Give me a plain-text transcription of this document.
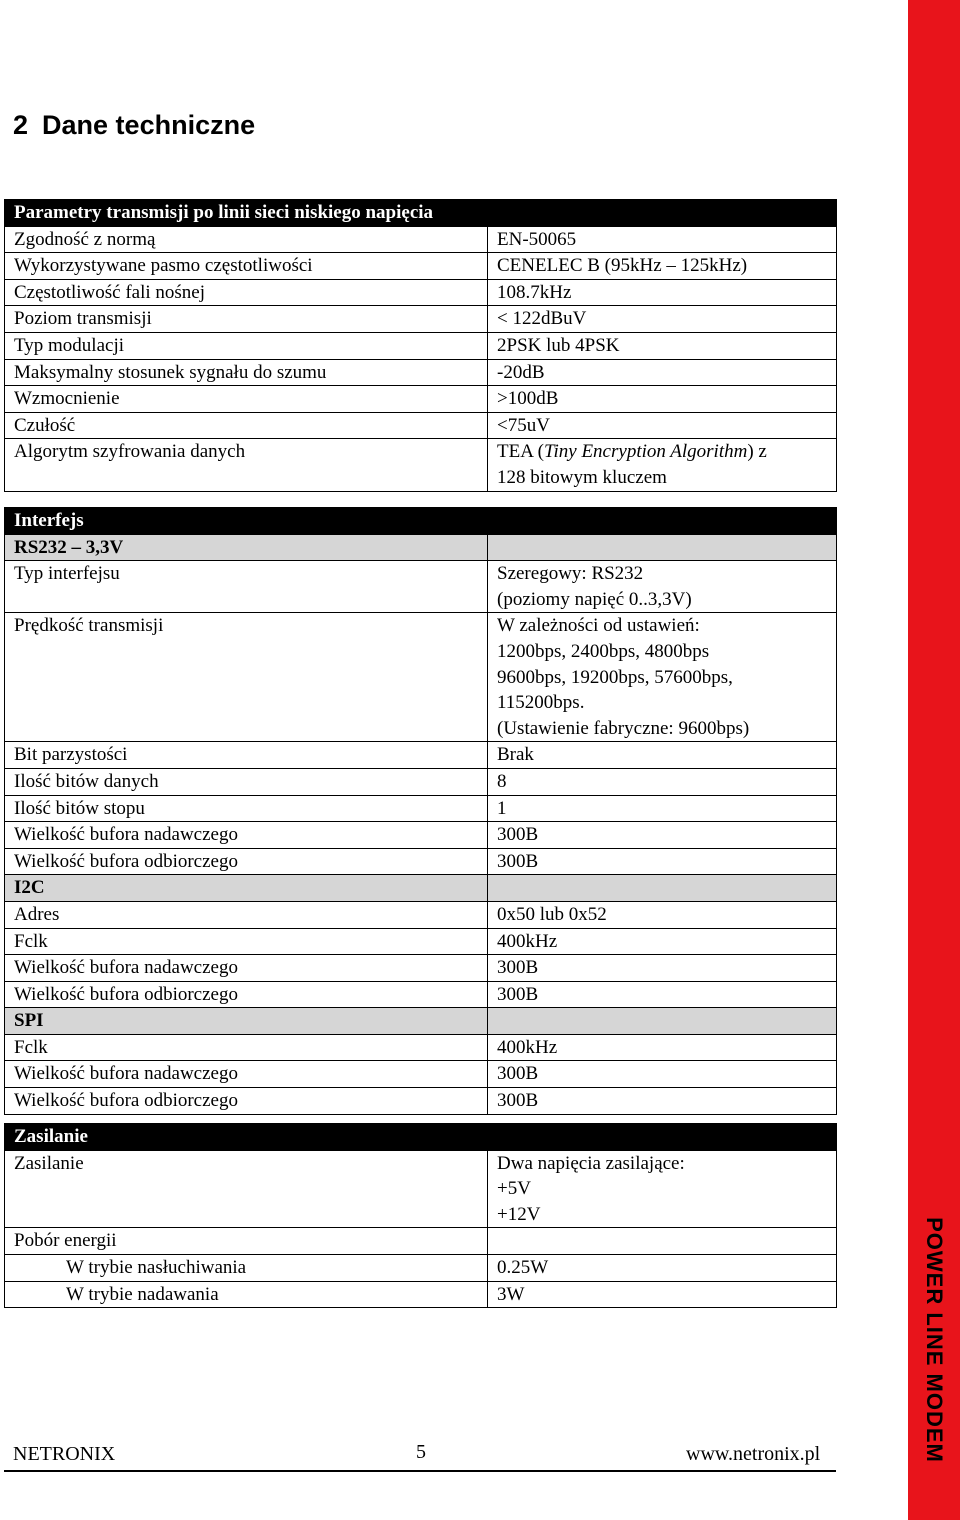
POWER LINE MODEM
2 Dane techniczne
Parametry transmisji po linii sieci niskiego napięcia	
Zgodność z normą	EN-50065
Wykorzystywane pasmo częstotliwości	CENELEC B (95kHz – 125kHz)
Częstotliwość fali nośnej	108.7kHz
Poziom transmisji	< 122dBuV
Typ modulacji	2PSK lub 4PSK
Maksymalny stosunek sygnału do szumu	-20dB
Wzmocnienie	>100dB
Czułość	<75uV
Algorytm szyfrowania danych	TEA (Tiny Encryption Algorithm) z
128 bitowym kluczem
Interfejs	
RS232 – 3,3V	
Typ interfejsu	Szeregowy: RS232
(poziomy napięć 0..3,3V)

Prędkość transmisji	W zależności od ustawień:
1200bps, 2400bps, 4800bps
9600bps, 19200bps, 57600bps,
115200bps.
(Ustawienie fabryczne: 9600bps)

Bit parzystości	Brak
Ilość bitów danych	8
Ilość bitów stopu	1
Wielkość bufora nadawczego	300B
Wielkość bufora odbiorczego	300B
I2C	
Adres	0x50 lub 0x52
Fclk	400kHz
Wielkość bufora nadawczego	300B
Wielkość bufora odbiorczego	300B
SPI	
Fclk	400kHz
Wielkość bufora nadawczego	300B
Wielkość bufora odbiorczego	300B
Zasilanie	
Zasilanie	Dwa napięcia zasilające:
+5V
+12V

Pobór energii	
W trybie nasłuchiwania	0.25W
W trybie nadawania	3W
NETRONIX	5	www.netronix.pl
